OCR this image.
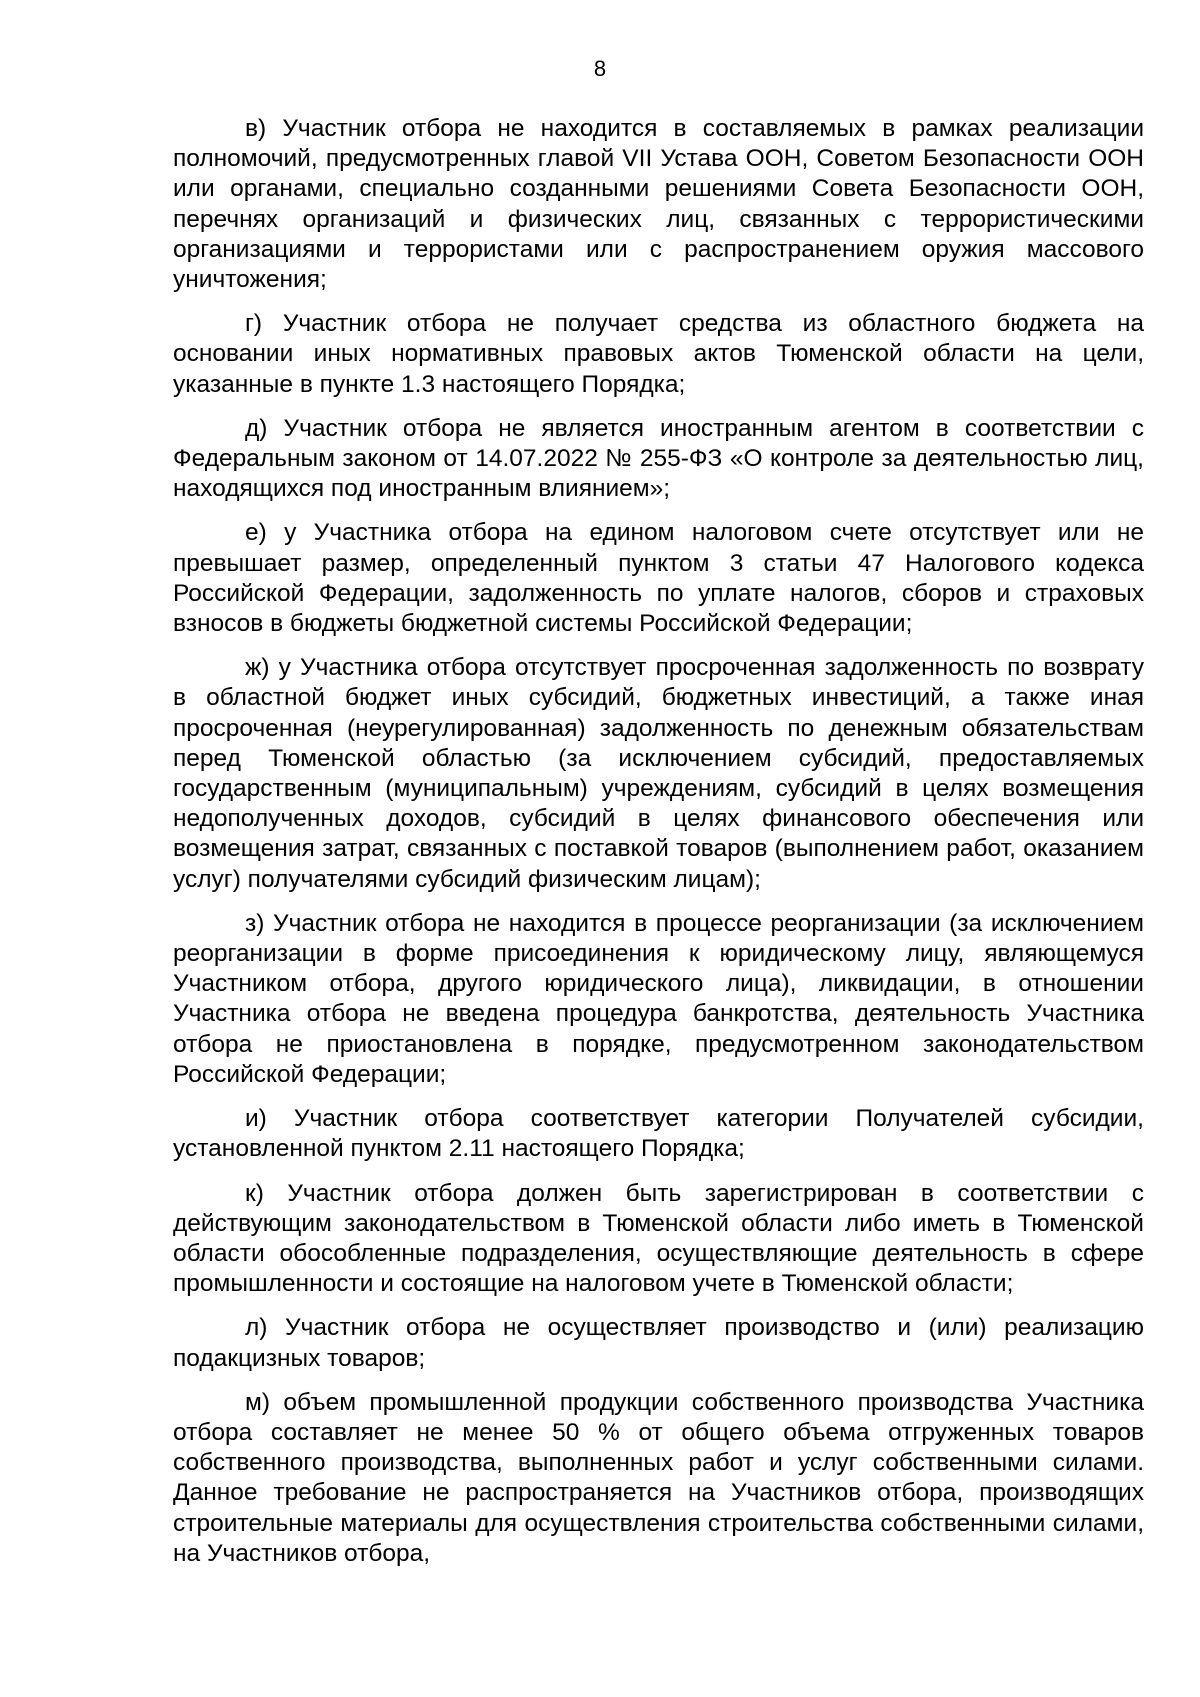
8

в) Участник отбора не находится в составляемых в рамках реализации полномочий, предусмотренных главой VII Устава ООН, Советом Безопасности ООН или органами, специально созданными решениями Совета Безопасности ООН, перечнях организаций и физических лиц, связанных с террористическими организациями и террористами или с распространением оружия массового уничтожения;

г) Участник отбора не получает средства из областного бюджета на основании иных нормативных правовых актов Тюменской области на цели, указанные в пункте 1.3 настоящего Порядка;

д) Участник отбора не является иностранным агентом в соответствии с Федеральным законом от 14.07.2022 № 255-ФЗ «О контроле за деятельностью лиц, находящихся под иностранным влиянием»;

е) у Участника отбора на едином налоговом счете отсутствует или не превышает размер, определенный пунктом 3 статьи 47 Налогового кодекса Российской Федерации, задолженность по уплате налогов, сборов и страховых взносов в бюджеты бюджетной системы Российской Федерации;

ж) у Участника отбора отсутствует просроченная задолженность по возврату в областной бюджет иных субсидий, бюджетных инвестиций, а также иная просроченная (неурегулированная) задолженность по денежным обязательствам перед Тюменской областью (за исключением субсидий, предоставляемых государственным (муниципальным) учреждениям, субсидий в целях возмещения недополученных доходов, субсидий в целях финансового обеспечения или возмещения затрат, связанных с поставкой товаров (выполнением работ, оказанием услуг) получателями субсидий физическим лицам);

з) Участник отбора не находится в процессе реорганизации (за исключением реорганизации в форме присоединения к юридическому лицу, являющемуся Участником отбора, другого юридического лица), ликвидации, в отношении Участника отбора не введена процедура банкротства, деятельность Участника отбора не приостановлена в порядке, предусмотренном законодательством Российской Федерации;

и) Участник отбора соответствует категории Получателей субсидии, установленной пунктом 2.11 настоящего Порядка;

к) Участник отбора должен быть зарегистрирован в соответствии с действующим законодательством в Тюменской области либо иметь в Тюменской области обособленные подразделения, осуществляющие деятельность в сфере промышленности и состоящие на налоговом учете в Тюменской области;

л) Участник отбора не осуществляет производство и (или) реализацию подакцизных товаров;

м) объем промышленной продукции собственного производства Участника отбора составляет не менее 50 % от общего объема отгруженных товаров собственного производства, выполненных работ и услуг собственными силами. Данное требование не распространяется на Участников отбора, производящих строительные материалы для осуществления строительства собственными силами, на Участников отбора,
